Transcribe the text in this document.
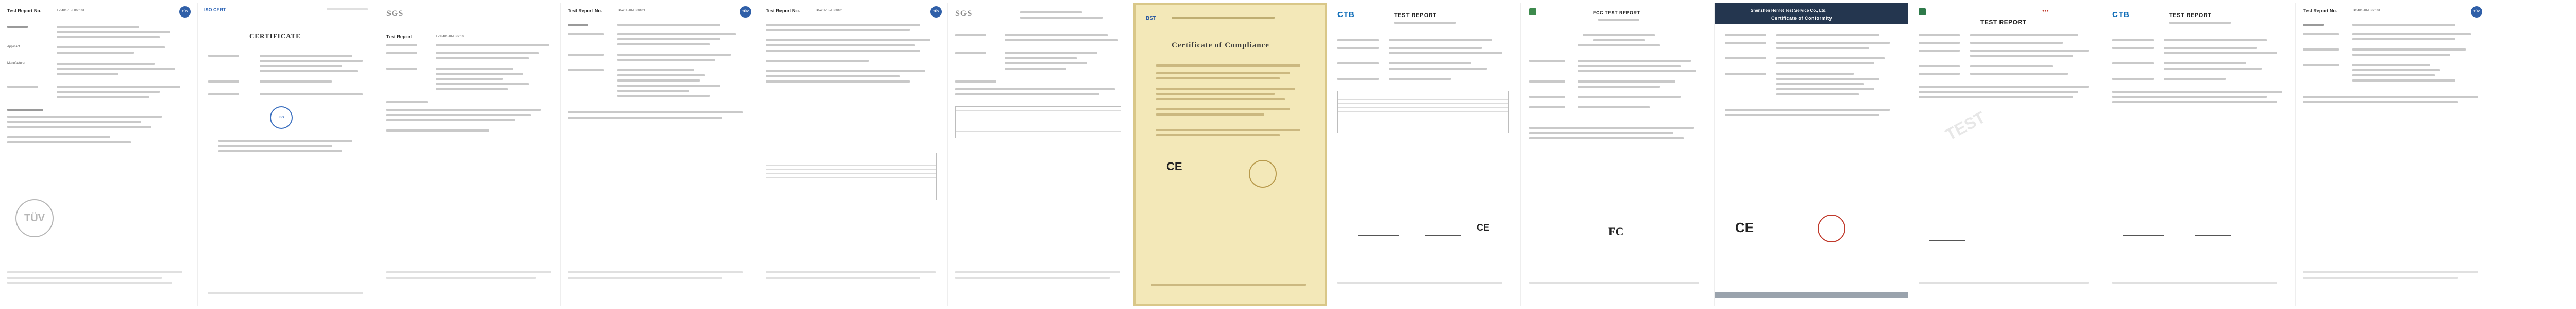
Test Report No.	TP-401-15-F860101	TÜV
Applicant
Manufacturer
TÜV
ISO CERT
CERTIFICATE
ISO
SGS
Test Report	TPJ-401-18-F86010
Test Report No.	TP-401-18-F860101	TÜV	Test Report No.	TP-401-18-F860101	TÜV SGS
BST
Certificate of Compliance
CE
CTB	TEST REPORT
CE
FCC TEST REPORT
FC
Shenzhen Hemet Test Service Co., Ltd.
Certificate of Conformity
CE
●●●
TEST REPORT
TEST
CTB	TEST REPORT
Test Report No.	TP-401-18-F860101	TÜV
